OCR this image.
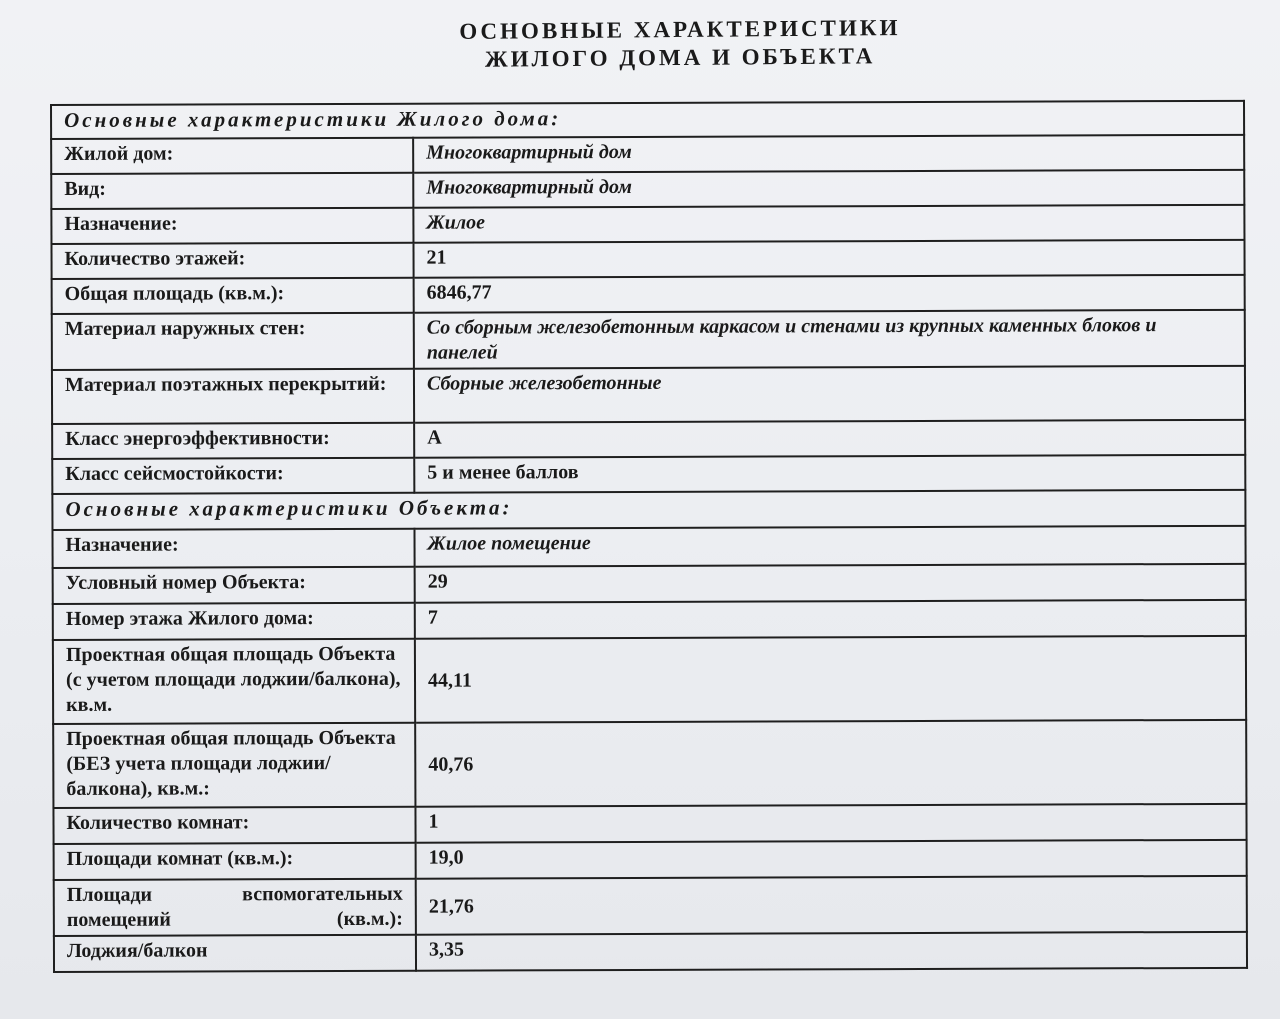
ОСНОВНЫЕ ХАРАКТЕРИСТИКИ
ЖИЛОГО ДОМА И ОБЪЕКТА
Основные характеристики Жилого дома:	
Жилой дом:	Многоквартирный дом
Вид:	Многоквартирный дом
Назначение:	Жилое
Количество этажей:	21
Общая площадь (кв.м.):	6846,77
Материал наружных стен:	Со сборным железобетонным каркасом и стенами из крупных каменных блоков и панелей
Материал поэтажных перекрытий:	Сборные железобетонные
Класс энергоэффективности:	А
Класс сейсмостойкости:	5 и менее баллов
Основные характеристики Объекта:	
Назначение:	Жилое помещение
Условный номер Объекта:	29
Номер этажа Жилого дома:	7
Проектная общая площадь Объекта (с учетом площади лоджии/балкона), кв.м.	44,11
Проектная общая площадь Объекта (БЕЗ учета площади лоджии/балкона), кв.м.:	40,76
Количество комнат:	1
Площади комнат (кв.м.):	19,0
Площади вспомогательных помещений (кв.м.):	21,76
Лоджия/балкон	3,35
